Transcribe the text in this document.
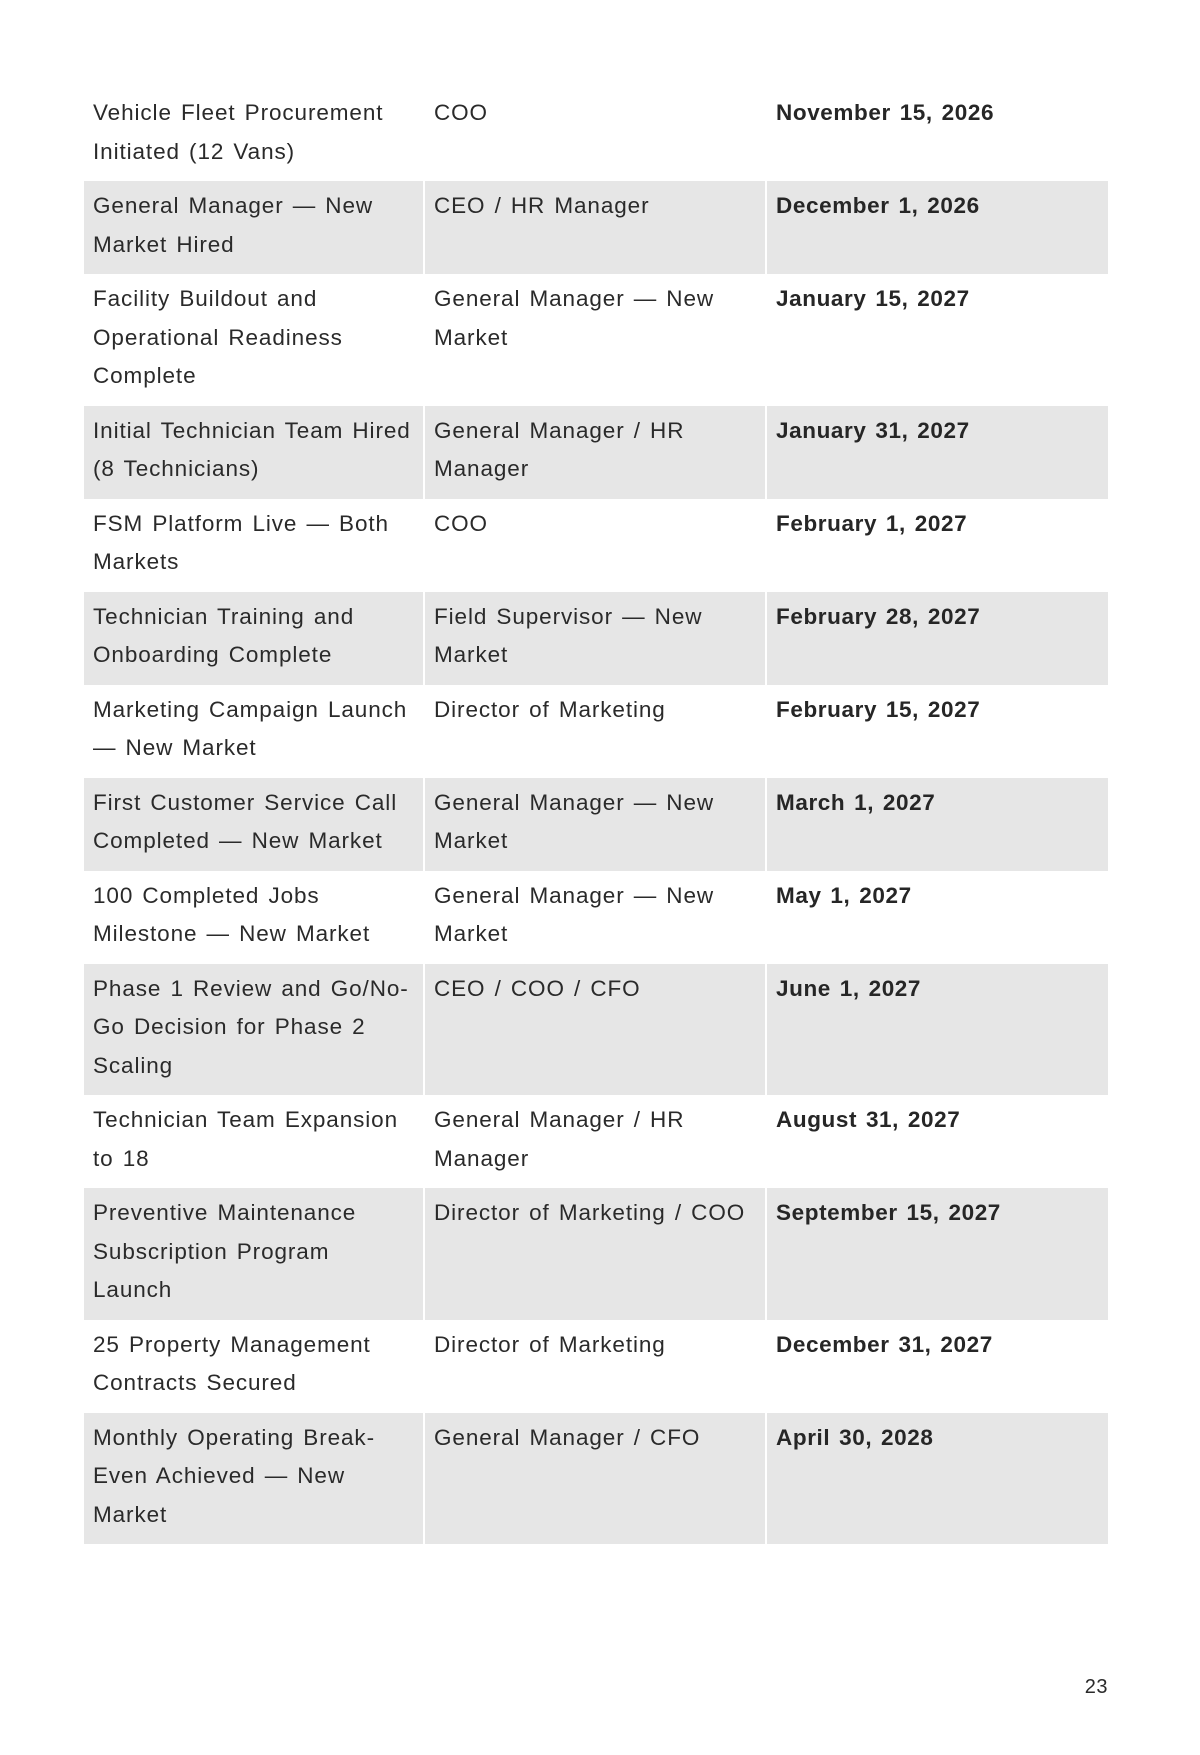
Vehicle Fleet Procurement Initiated (12 Vans)	COO	November 15, 2026
General Manager — New Market Hired	CEO / HR Manager	December 1, 2026
Facility Buildout and Operational Readiness Complete	General Manager — New Market	January 15, 2027
Initial Technician Team Hired (8 Technicians)	General Manager / HR Manager	January 31, 2027
FSM Platform Live — Both Markets	COO	February 1, 2027
Technician Training and Onboarding Complete	Field Supervisor — New Market	February 28, 2027
Marketing Campaign Launch — New Market	Director of Marketing	February 15, 2027
First Customer Service Call Completed — New Market	General Manager — New Market	March 1, 2027
100 Completed Jobs Milestone — New Market	General Manager — New Market	May 1, 2027
Phase 1 Review and Go/No-Go Decision for Phase 2 Scaling	CEO / COO / CFO	June 1, 2027
Technician Team Expansion to 18	General Manager / HR Manager	August 31, 2027
Preventive Maintenance Subscription Program Launch	Director of Marketing / COO	September 15, 2027
25 Property Management Contracts Secured	Director of Marketing	December 31, 2027
Monthly Operating Break-Even Achieved — New Market	General Manager / CFO	April 30, 2028
23
